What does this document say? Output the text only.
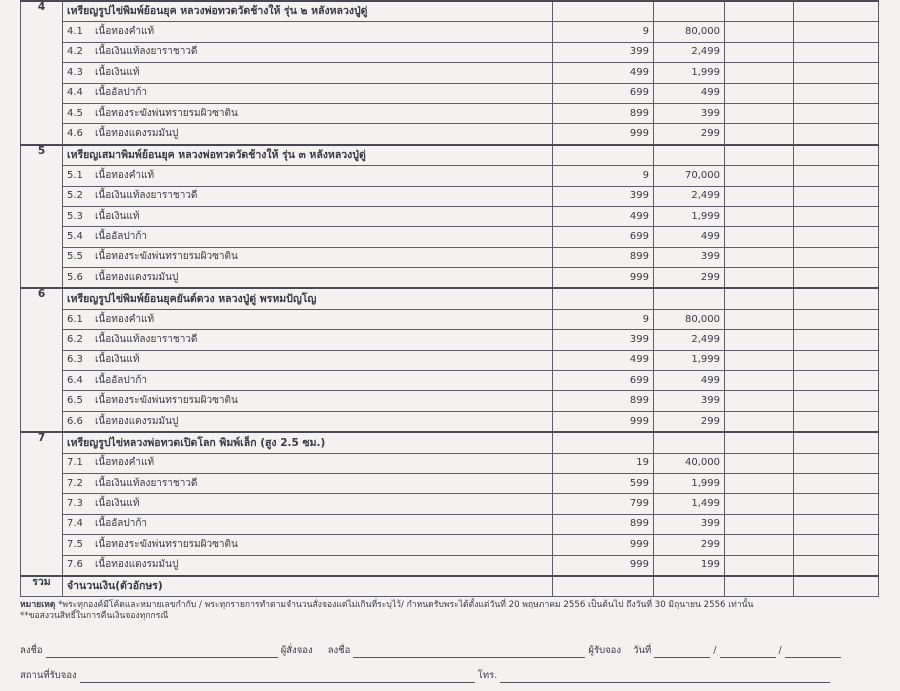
4	เหรียญรูปไข่พิมพ์ย้อนยุค หลวงพ่อทวดวัดช้างให้ รุ่น ๒ หลังหลวงปู่ดู่				
	4.1 เนื้อทองคำแท้	9	80,000		
	4.2 เนื้อเงินแท้ลงยาราชาวดี	399	2,499		
	4.3 เนื้อเงินแท้	499	1,999		
	4.4 เนื้ออัลปาก้า	699	499		
	4.5 เนื้อทองระฆังพ่นทรายรมผิวซาติน	899	399		
	4.6 เนื้อทองแดงรมมันปู	999	299		
5	เหรียญเสมาพิมพ์ย้อนยุค หลวงพ่อทวดวัดช้างให้ รุ่น ๓ หลังหลวงปู่ดู่				
	5.1 เนื้อทองคำแท้	9	70,000		
	5.2 เนื้อเงินแท้ลงยาราชาวดี	399	2,499		
	5.3 เนื้อเงินแท้	499	1,999		
	5.4 เนื้ออัลปาก้า	699	499		
	5.5 เนื้อทองระฆังพ่นทรายรมผิวซาติน	899	399		
	5.6 เนื้อทองแดงรมมันปู	999	299		
6	เหรียญรูปไข่พิมพ์ย้อนยุคยันต์ดวง หลวงปู่ดู่ พรหมปัญโญ				
	6.1 เนื้อทองคำแท้	9	80,000		
	6.2 เนื้อเงินแท้ลงยาราชาวดี	399	2,499		
	6.3 เนื้อเงินแท้	499	1,999		
	6.4 เนื้ออัลปาก้า	699	499		
	6.5 เนื้อทองระฆังพ่นทรายรมผิวซาติน	899	399		
	6.6 เนื้อทองแดงรมมันปู	999	299		
7	เหรียญรูปไข่หลวงพ่อทวดเปิดโลก พิมพ์เล็ก (สูง 2.5 ซม.)				
	7.1 เนื้อทองคำแท้	19	40,000		
	7.2 เนื้อเงินแท้ลงยาราชาวดี	599	1,999		
	7.3 เนื้อเงินแท้	799	1,499		
	7.4 เนื้ออัลปาก้า	899	399		
	7.5 เนื้อทองระฆังพ่นทรายรมผิวซาติน	999	299		
	7.6 เนื้อทองแดงรมมันปู	999	199		
รวม	จำนวนเงิน(ตัวอักษร)				
หมายเหตุ *พระทุกองค์มีโค้ดและหมายเลขกำกับ / พระทุกรายการทำตามจำนวนสั่งจองแต่ไม่เกินที่ระบุไว้/ กำหนดรับพระได้ตั้งแต่วันที่ 20 พฤษภาคม 2556 เป็นต้นไป ถึงวันที่ 30 มิถุนายน 2556 เท่านั้น
**ขอสงวนสิทธิ์ในการคืนเงินจองทุกกรณี
ลงชื่อ	ผู้สั่งจอง ลงชื่อ	ผู้รับจอง วันที่	/	/
สถานที่รับจอง	โทร.
